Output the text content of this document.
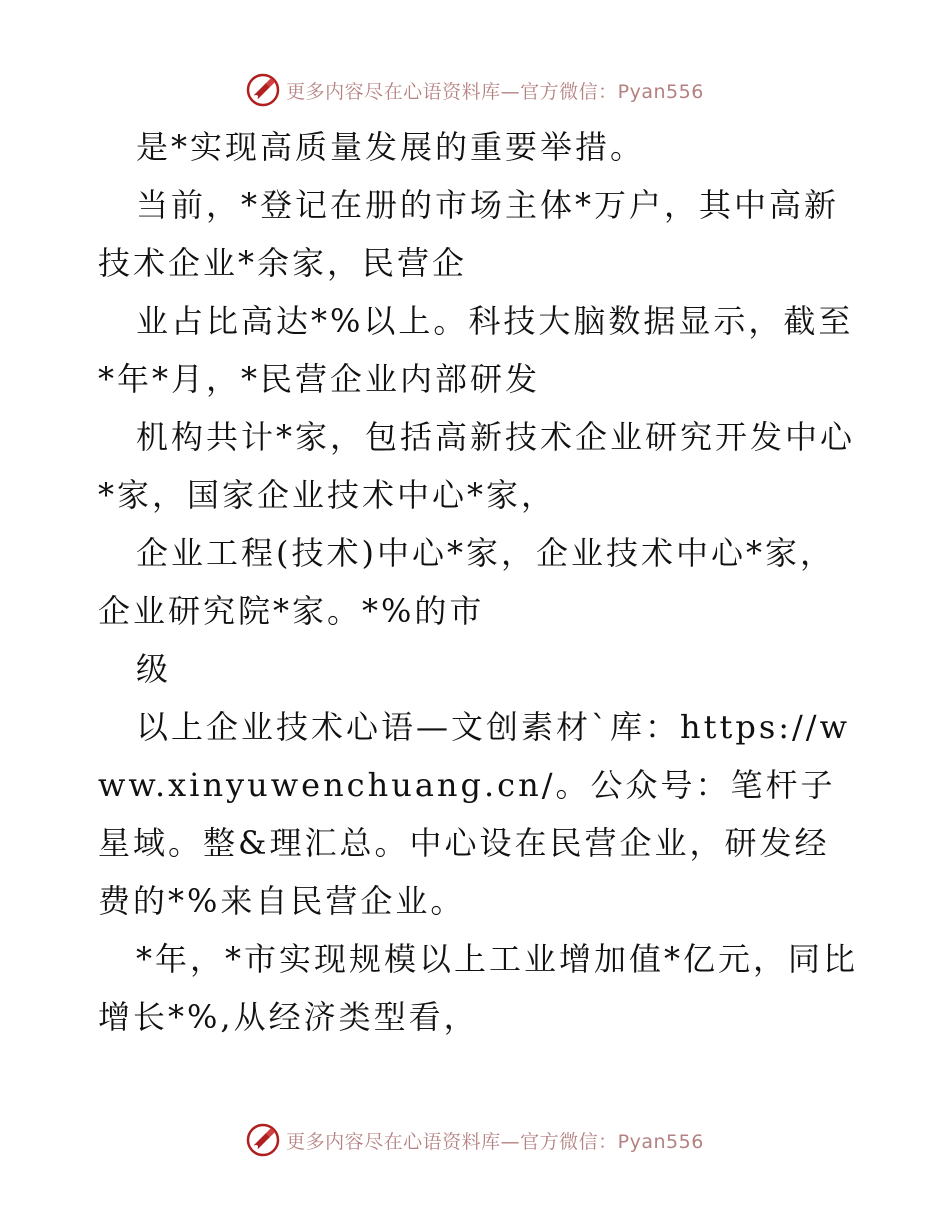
更多内容尽在心语资料库—官方微信：Pyan556

是*实现高质量发展的重要举措。

当前，*登记在册的市场主体*万户，其中高新技术企业*余家，民营企

业占比高达*%以上。科技大脑数据显示，截至*年*月，*民营企业内部研发

机构共计*家，包括高新技术企业研究开发中心*家，国家企业技术中心*家，

企业工程(技术)中心*家，企业技术中心*家，企业研究院*家。*%的市

级

以上企业技术心语—文创素材`库：https://www.xinyuwenchuang.cn/。公众号：笔杆子星域。整&理汇总。中心设在民营企业，研发经费的*%来自民营企业。

*年，*市实现规模以上工业增加值*亿元，同比增长*%,从经济类型看，

更多内容尽在心语资料库—官方微信：Pyan556
